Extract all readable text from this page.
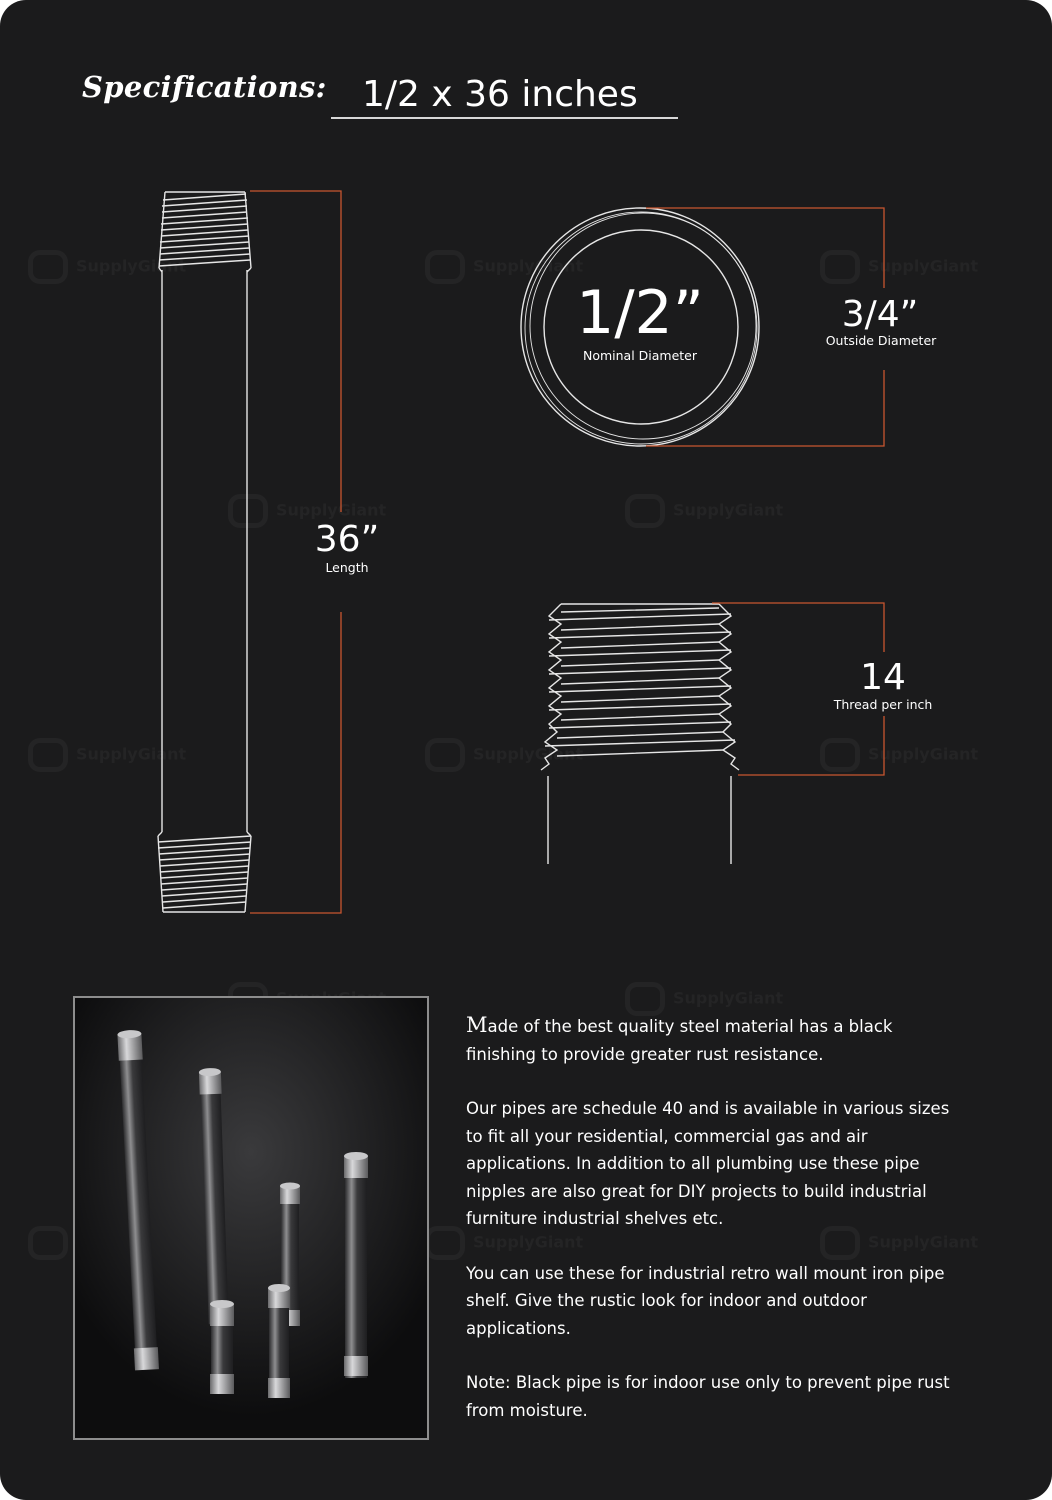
SupplyGiant	SupplyGiant	SupplyGiant
SupplyGiant	SupplyGiant
SupplyGiant	SupplyGiant	SupplyGiant
SupplyGiant
SupplyGiant	SupplyGiant
Specifications: 1/2 x 36 inches
36”
Length
1/2”
Nominal Diameter
3/4”
Outside Diameter
14
Thread per inch

Made of the best quality steel material has a black finishing to provide greater rust resistance.

Our pipes are schedule 40 and is available in various sizes to fit all your residential, commercial gas and air applications. In addition to all plumbing use these pipe nipples are also great for DIY projects to build industrial furniture industrial shelves etc.

You can use these for industrial retro wall mount iron pipe shelf. Give the rustic look for indoor and outdoor applications.

Note: Black pipe is for indoor use only to prevent pipe rust from moisture.
